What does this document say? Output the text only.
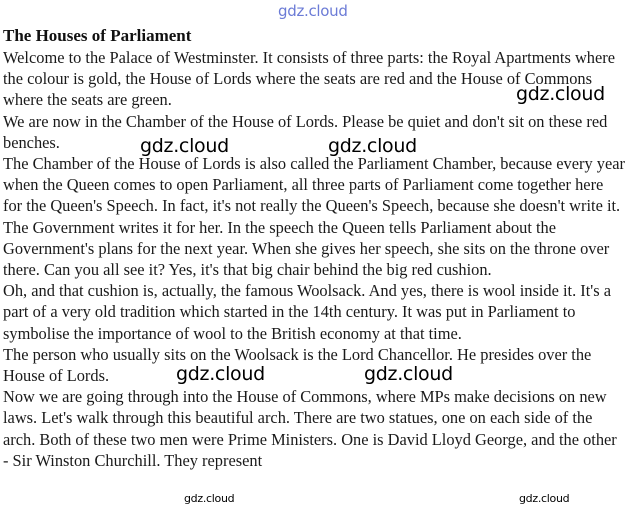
The Houses of Parliament

Welcome to the Palace of Westminster. It consists of three parts: the Royal Apartments where the colour is gold, the House of Lords where the seats are red and the House of Commons where the seats are green.

We are now in the Chamber of the House of Lords. Please be quiet and don't sit on these red benches.

The Chamber of the House of Lords is also called the Parliament Chamber, because every year when the Queen comes to open Parliament, all three parts of Parliament come together here for the Queen's Speech. In fact, it's not really the Queen's Speech, because she doesn't write it. The Government writes it for her. In the speech the Queen tells Parliament about the Government's plans for the next year. When she gives her speech, she sits on the throne over there. Can you all see it? Yes, it's that big chair behind the big red cushion.

Oh, and that cushion is, actually, the famous Woolsack. And yes, there is wool inside it. It's a part of a very old tradition which started in the 14th century. It was put in Parliament to symbolise the importance of wool to the British economy at that time.

The person who usually sits on the Woolsack is the Lord Chancellor. He presides over the House of Lords.

Now we are going through into the House of Commons, where MPs make decisions on new laws. Let's walk through this beautiful arch. There are two statues, one on each side of the arch. Both of these two men were Prime Ministers. One is David Lloyd George, and the other - Sir Winston Churchill. They represent

gdz.cloud
gdz.cloud
gdz.cloud	gdz.cloud
gdz.cloud	gdz.cloud
gdz.cloud	gdz.cloud
